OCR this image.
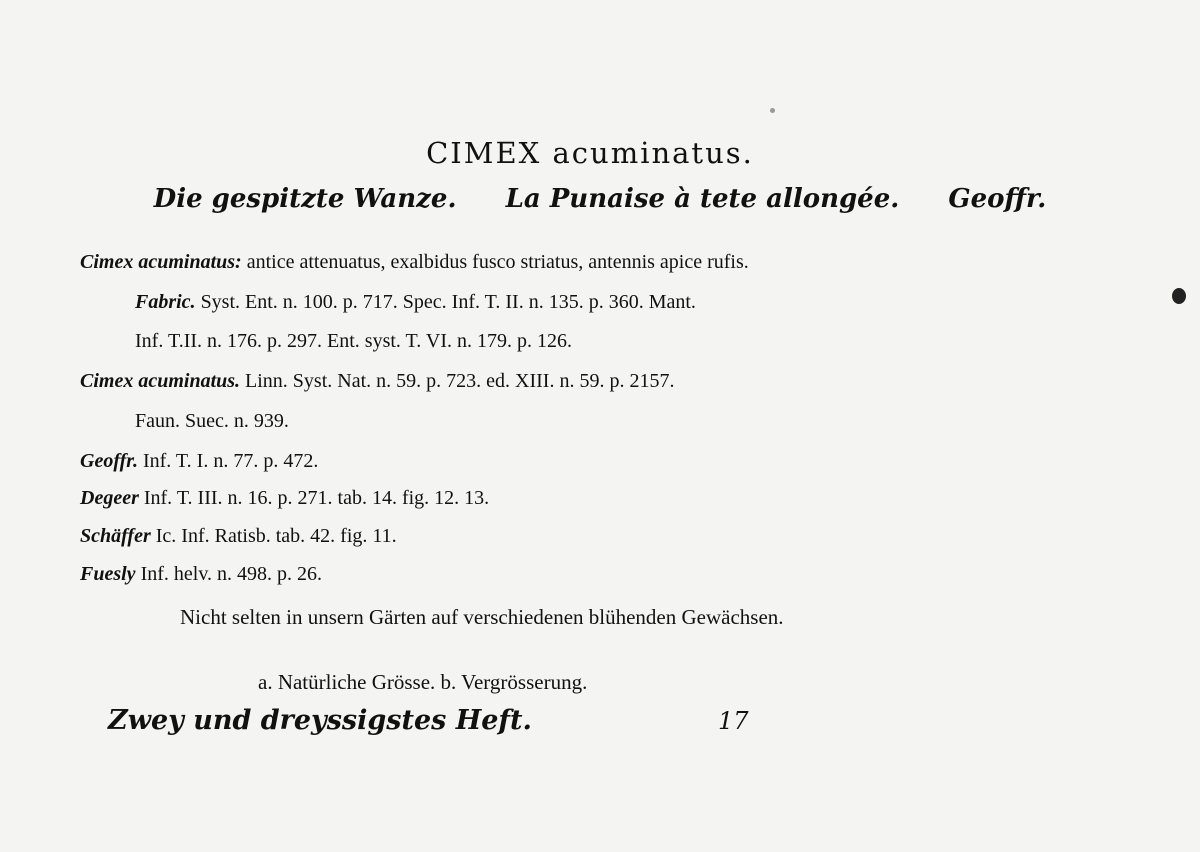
CIMEX acuminatus.
Die gespitzte Wanze. La Punaise à tete allongée. Geoffr.
Cimex acuminatus: antice attenuatus, exalbidus fusco striatus, antennis apice rufis.
Fabric. Syst. Ent. n. 100. p. 717. Spec. Inf. T. II. n. 135. p. 360. Mant.
Inf. T.II. n. 176. p. 297. Ent. syst. T. VI. n. 179. p. 126.
Cimex acuminatus. Linn. Syst. Nat. n. 59. p. 723. ed. XIII. n. 59. p. 2157.
Faun. Suec. n. 939.
Geoffr. Inf. T. I. n. 77. p. 472.
Degeer Inf. T. III. n. 16. p. 271. tab. 14. fig. 12. 13.
Schäffer Ic. Inf. Ratisb. tab. 42. fig. 11.
Fuesly Inf. helv. n. 498. p. 26.
Nicht selten in unsern Gärten auf verschiedenen blühenden Gewächsen.
a. Natürliche Grösse. b. Vergrösserung.
Zwey und dreyssigstes Heft.	17
